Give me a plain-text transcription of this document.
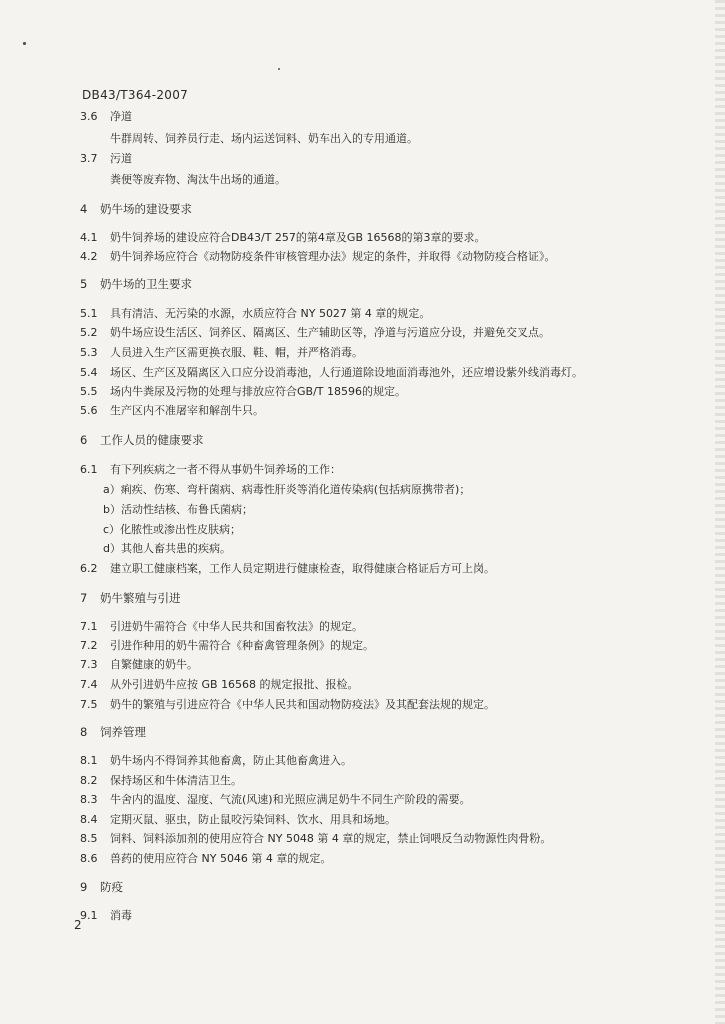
DB43/T364-2007
3.6 净道
牛群周转、饲养员行走、场内运送饲料、奶车出入的专用通道。
3.7 污道
粪便等废弃物、淘汰牛出场的通道。
4 奶牛场的建设要求
4.1 奶牛饲养场的建设应符合DB43/T 257的第4章及GB 16568的第3章的要求。
4.2 奶牛饲养场应符合《动物防疫条件审核管理办法》规定的条件，并取得《动物防疫合格证》。
5 奶牛场的卫生要求
5.1 具有清洁、无污染的水源，水质应符合 NY 5027 第 4 章的规定。
5.2 奶牛场应设生活区、饲养区、隔离区、生产辅助区等，净道与污道应分设，并避免交叉点。
5.3 人员进入生产区需更换衣服、鞋、帽，并严格消毒。
5.4 场区、生产区及隔离区入口应分设消毒池，人行通道除设地面消毒池外，还应增设紫外线消毒灯。
5.5 场内牛粪尿及污物的处理与排放应符合GB/T 18596的规定。
5.6 生产区内不准屠宰和解剖牛只。
6 工作人员的健康要求
6.1 有下列疾病之一者不得从事奶牛饲养场的工作：
a）痢疾、伤寒、弯杆菌病、病毒性肝炎等消化道传染病(包括病原携带者)；
b）活动性结核、布鲁氏菌病；
c）化脓性或渗出性皮肤病；
d）其他人畜共患的疾病。
6.2 建立职工健康档案，工作人员定期进行健康检查，取得健康合格证后方可上岗。
7 奶牛繁殖与引进
7.1 引进奶牛需符合《中华人民共和国畜牧法》的规定。
7.2 引进作种用的奶牛需符合《种畜禽管理条例》的规定。
7.3 自繁健康的奶牛。
7.4 从外引进奶牛应按 GB 16568 的规定报批、报检。
7.5 奶牛的繁殖与引进应符合《中华人民共和国动物防疫法》及其配套法规的规定。
8 饲养管理
8.1 奶牛场内不得饲养其他畜禽，防止其他畜禽进入。
8.2 保持场区和牛体清洁卫生。
8.3 牛舍内的温度、湿度、气流(风速)和光照应满足奶牛不同生产阶段的需要。
8.4 定期灭鼠、驱虫，防止鼠咬污染饲料、饮水、用具和场地。
8.5 饲料、饲料添加剂的使用应符合 NY 5048 第 4 章的规定，禁止饲喂反刍动物源性肉骨粉。
8.6 兽药的使用应符合 NY 5046 第 4 章的规定。
9 防疫
9.1 消毒
2
